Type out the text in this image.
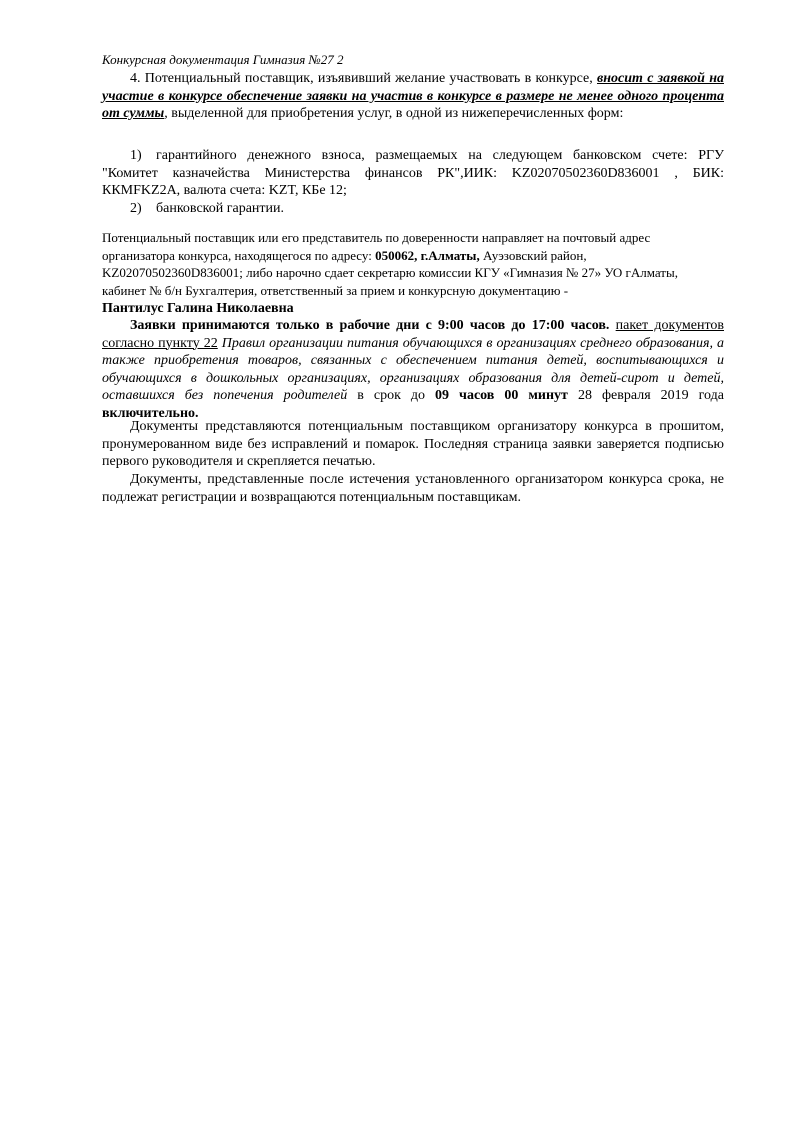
Конкурсная документация Гимназия №27 2
4. Потенциальный поставщик, изъявивший желание участвовать в конкурсе, вносит с заявкой на участие в конкурсе обеспечение заявки на участив в конкурсе в размере не менее одного процента от суммы, выделенной для приобретения услуг, в одной из нижеперечисленных форм:
1) гарантийного денежного взноса, размещаемых на следующем банковском счете: РГУ "Комитет казначейства Министерства финансов РК",ИИК: KZ02070502360D836001 , БИК: ККМFKZ2A, валюта счета: KZT, КБе 12;
2) банковской гарантии.
Потенциальный поставщик или его представитель по доверенности направляет на почтовый адрес организатора конкурса, находящегося по адресу: 050062, г.Алматы, Ауэзовский район, KZ02070502360D836001; либо нарочно сдает секретарю комиссии КГУ «Гимназия № 27» УО гАлматы, кабинет № б/н Бухгалтерия, ответственный за прием и конкурсную документацию -
Пантилус Галина Николаевна
Заявки принимаются только в рабочие дни с 9:00 часов до 17:00 часов. пакет документов согласно пункту 22 Правил организации питания обучающихся в организациях среднего образования, а также приобретения товаров, связанных с обеспечением питания детей, воспитывающихся и обучающихся в дошкольных организациях, организациях образования для детей-сирот и детей, оставшихся без попечения родителей в срок до 09 часов 00 минут 28 февраля 2019 года включительно.
Документы представляются потенциальным поставщиком организатору конкурса в прошитом, пронумерованном виде без исправлений и помарок. Последняя страница заявки заверяется подписью первого руководителя и скрепляется печатью.
Документы, представленные после истечения установленного организатором конкурса срока, не подлежат регистрации и возвращаются потенциальным поставщикам.
